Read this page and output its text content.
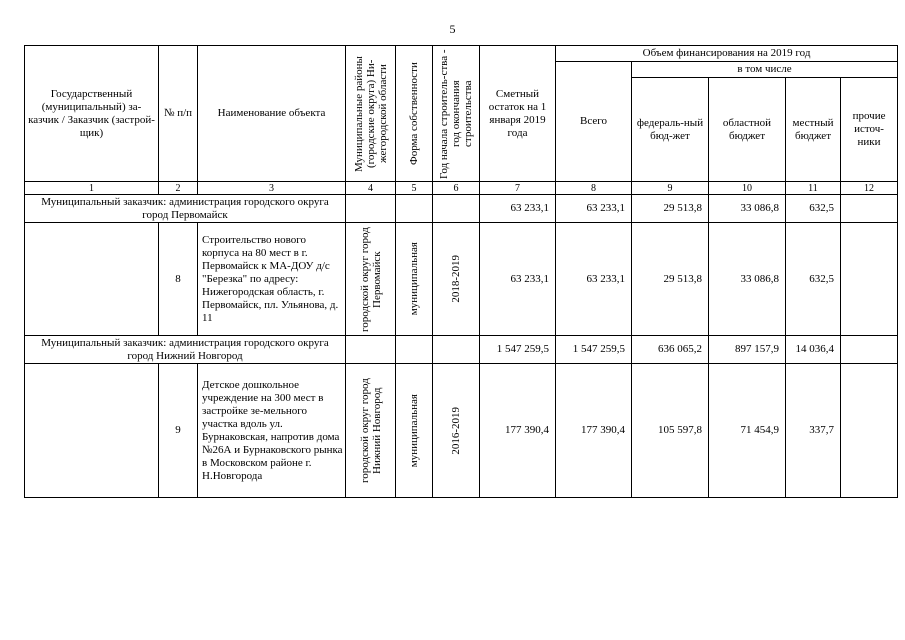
5
Государственный (муниципальный) за-казчик / Заказчик (застрой-щик)	№ п/п	Наименование объекта	Муниципальные районы (городские округа) Ни-жегородской области	Форма собственности	Год начала строитель-ства - год окончания строительства	Сметный остаток на 1 января 2019 года	Объем финансирования на 2019 год				
							Всего	в том числе			
								федераль-ный бюд-жет	областной бюджет	местный бюджет	прочие источ-ники
1	2	3	4	5	6	7	8	9	10	11	12
Муниципальный заказчик: администрация городского округа город Первомайск						63 233,1	63 233,1	29 513,8	33 086,8	632,5	
	8	Строительство нового корпуса на 80 мест в г. Первомайск к МА-ДОУ д/с "Березка" по адресу: Нижегородская область, г. Первомайск, пл. Ульянова, д. 11	городской округ город Первомайск	муниципальная	2018-2019	63 233,1	63 233,1	29 513,8	33 086,8	632,5	
Муниципальный заказчик: администрация городского округа город Нижний Новгород						1 547 259,5	1 547 259,5	636 065,2	897 157,9	14 036,4	
	9	Детское дошкольное учреждение на 300 мест в застройке зе-мельного участка вдоль ул. Бурнаковская, напротив дома №26А и Бурнаковского рынка в Московском районе г. Н.Новгорода	городской округ город Нижний Новгород	муниципальная	2016-2019	177 390,4	177 390,4	105 597,8	71 454,9	337,7	
